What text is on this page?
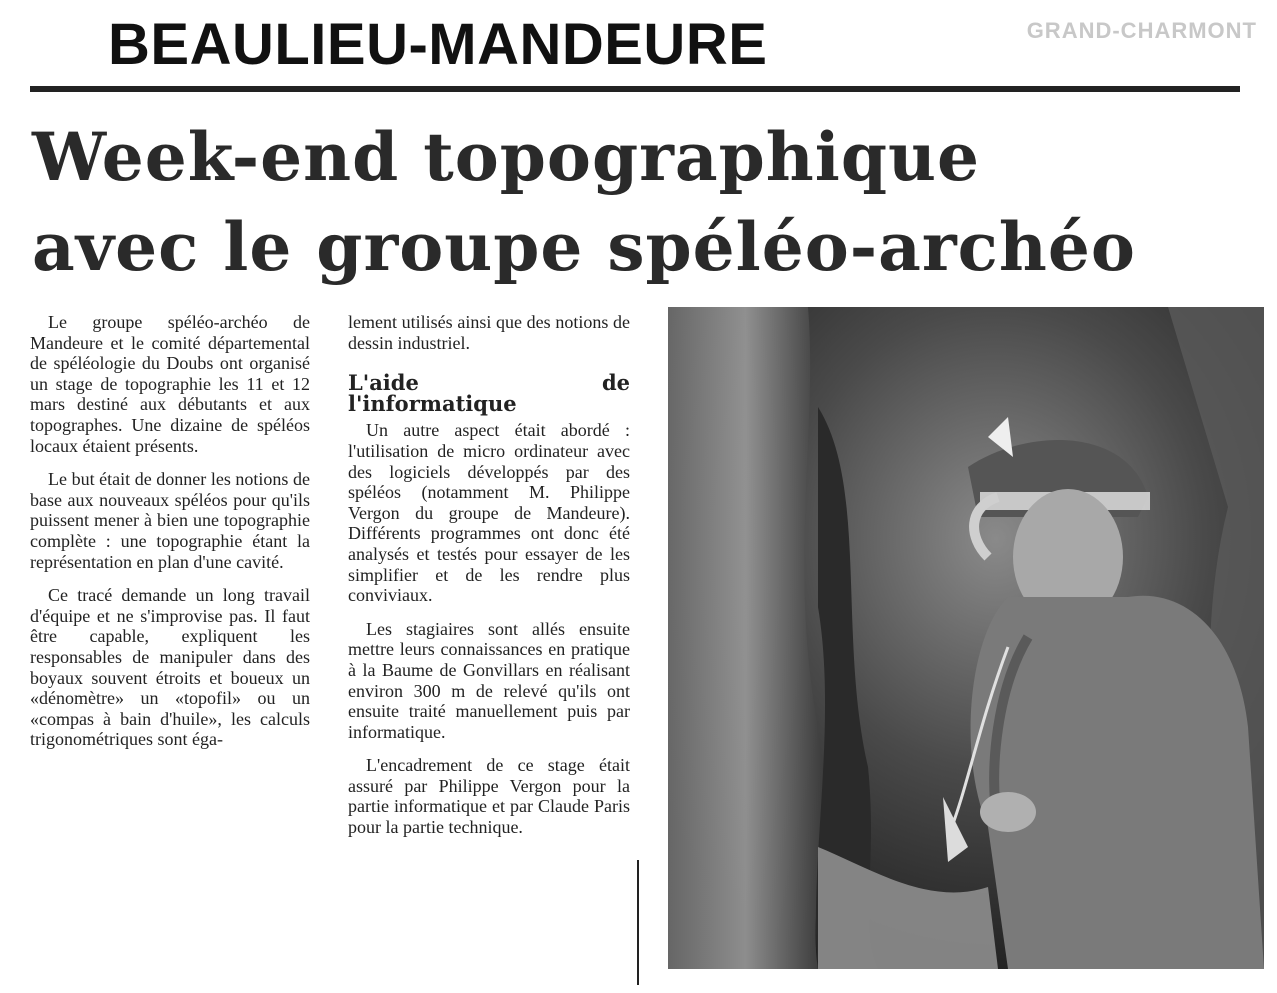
GRAND-CHARMONT
BEAULIEU-MANDEURE
Week-end topographique
avec le groupe spéléo-archéo

Le groupe spéléo-archéo de Mandeure et le comité départemental de spéléologie du Doubs ont organisé un stage de topographie les 11 et 12 mars destiné aux débutants et aux topographes. Une dizaine de spéléos locaux étaient présents.

Le but était de donner les notions de base aux nouveaux spéléos pour qu'ils puissent mener à bien une topographie complète : une topographie étant la représentation en plan d'une cavité.

Ce tracé demande un long travail d'équipe et ne s'improvise pas. Il faut être capable, expliquent les responsables de manipuler dans des boyaux souvent étroits et boueux un «dénomètre» un «topofil» ou un «compas à bain d'huile», les calculs trigonométriques sont éga-

lement utilisés ainsi que des notions de dessin industriel.

L'aide de l'informatique

Un autre aspect était abordé : l'utilisation de micro ordinateur avec des logiciels développés par des spéléos (notamment M. Philippe Vergon du groupe de Mandeure). Différents programmes ont donc été analysés et testés pour essayer de les simplifier et de les rendre plus conviviaux.

Les stagiaires sont allés ensuite mettre leurs connaissances en pratique à la Baume de Gonvillars en réalisant environ 300 m de relevé qu'ils ont ensuite traité manuellement puis par informatique.

L'encadrement de ce stage était assuré par Philippe Vergon pour la partie informatique et par Claude Paris pour la partie technique.
